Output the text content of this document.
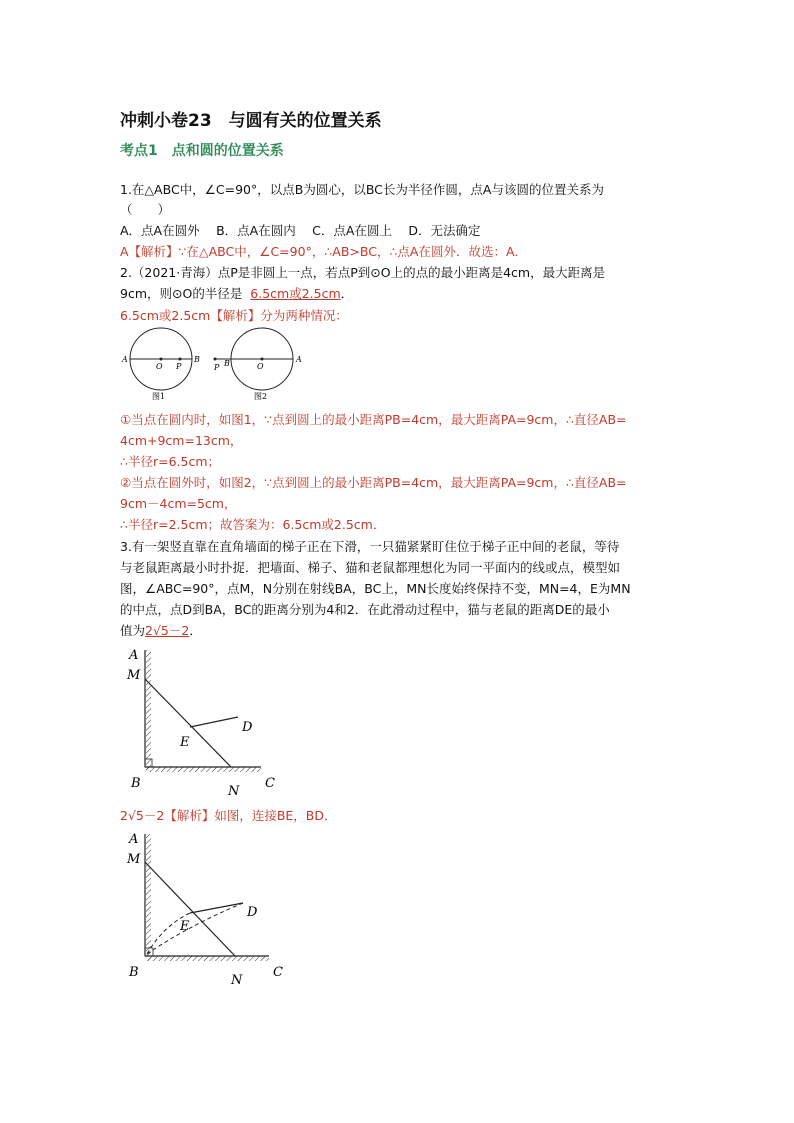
冲刺小卷23　与圆有关的位置关系
考点1　点和圆的位置关系
1.在△ABC中，∠C=90°，以点B为圆心，以BC长为半径作圆，点A与该圆的位置关系为
（　　）
A．点A在圆外　 B．点A在圆内　 C．点A在圆上　 D．无法确定
A【解析】∵在△ABC中，∠C=90°，∴AB>BC，∴点A在圆外．故选：A．
2.（2021·青海）点P是非圆上一点，若点P到⊙O上的点的最小距离是4cm，最大距离是
9cm，则⊙O的半径是 6.5cm或2.5cm．
6.5cm或2.5cm【解析】分为两种情况：
A
O P
B
图1
P B	O
A
图2
①当点在圆内时，如图1，∵点到圆上的最小距离PB=4cm，最大距离PA=9cm，∴直径AB=
4cm+9cm=13cm，
∴半径r=6.5cm；
②当点在圆外时，如图2，∵点到圆上的最小距离PB=4cm，最大距离PA=9cm，∴直径AB=
9cm－4cm=5cm，
∴半径r=2.5cm；故答案为：6.5cm或2.5cm．
3.有一架竖直靠在直角墙面的梯子正在下滑，一只猫紧紧盯住位于梯子正中间的老鼠，等待
与老鼠距离最小时扑捉．把墙面、梯子、猫和老鼠都理想化为同一平面内的线或点，模型如
图，∠ABC=90°，点M，N分别在射线BA，BC上，MN长度始终保持不变，MN=4，E为MN
的中点，点D到BA，BC的距离分别为4和2．在此滑动过程中，猫与老鼠的距离DE的最小
值为2√5－2．
A
M
D
E
B
N
C
2√5－2【解析】如图，连接BE，BD．
A
M
D
E
B
N
C
